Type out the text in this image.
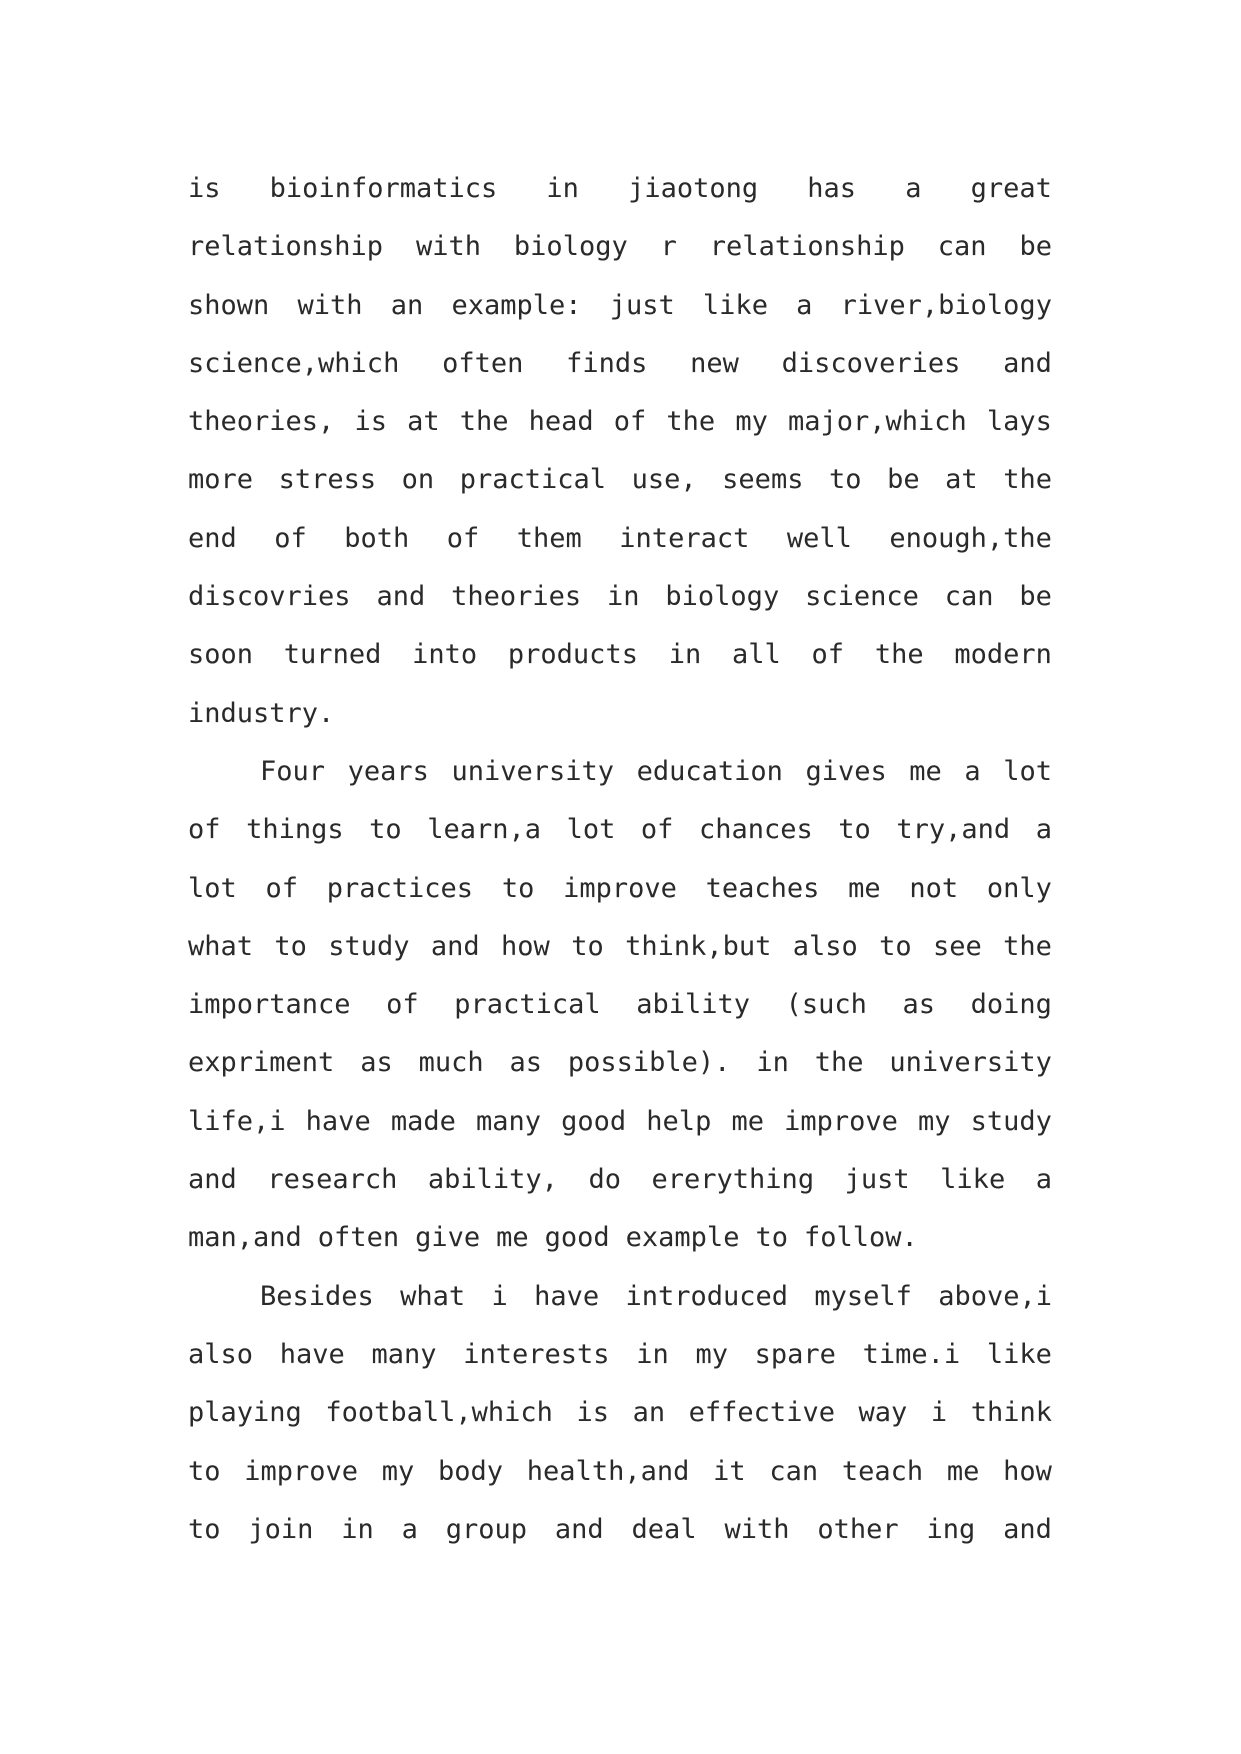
is bioinformatics in jiaotong has a great
relationship with biology r relationship can be
shown with an example: just like a river,biology
science,which often finds new discoveries and
theories, is at the head of the my major,which lays
more stress on practical use, seems to be at the
end of both of them interact well enough,the
discovries and theories in biology science can be
soon turned into products in all of the modern
industry.
Four years university education gives me a lot
of things to learn,a lot of chances to try,and a
lot of practices to improve teaches me not only
what to study and how to think,but also to see the
importance of practical ability (such as doing
expriment as much as possible). in the university
life,i have made many good help me improve my study
and research ability, do ererything just like a
man,and often give me good example to follow.
Besides what i have introduced myself above,i
also have many interests in my spare time.i like
playing football,which is an effective way i think
to improve my body health,and it can teach me how
to join in a group and deal with other ing and
